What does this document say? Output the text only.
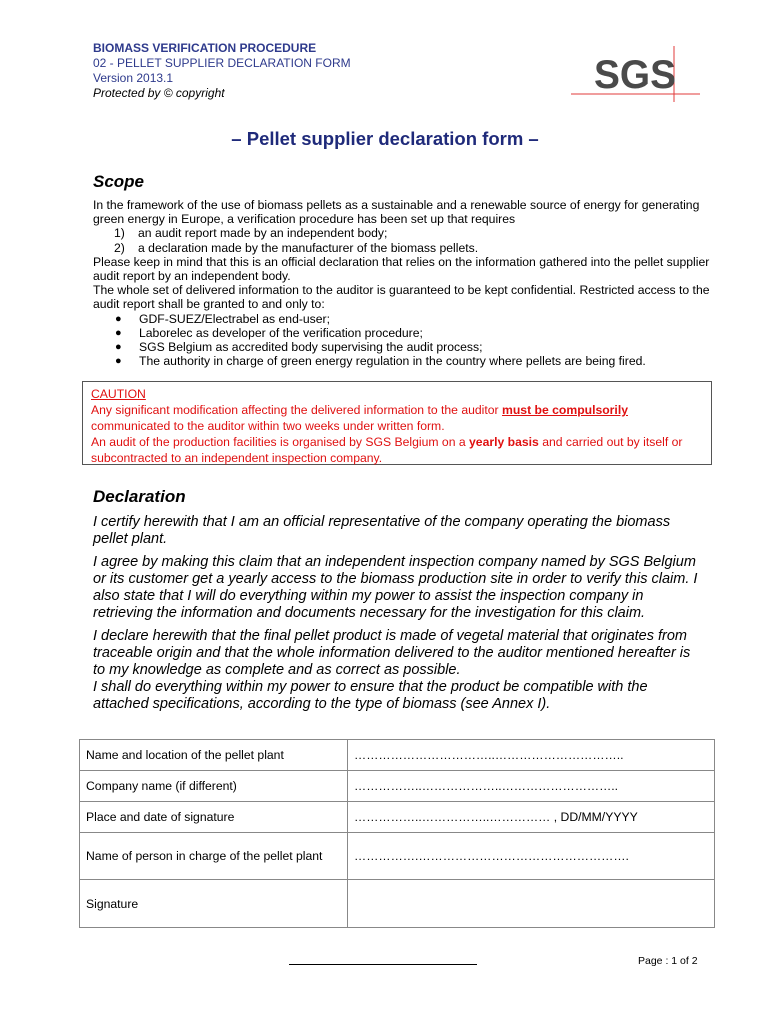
BIOMASS VERIFICATION PROCEDURE
02 - PELLET SUPPLIER DECLARATION FORM
Version 2013.1
Protected by © copyright	SGS
– Pellet supplier declaration form –
Scope

In the framework of the use of biomass pellets as a sustainable and a renewable source of energy for generating green energy in Europe, a verification procedure has been set up that requires

1)	an audit report made by an independent body;
2)	a declaration made by the manufacturer of the biomass pellets.

Please keep in mind that this is an official declaration that relies on the information gathered into the pellet supplier audit report by an independent body.

The whole set of delivered information to the auditor is guaranteed to be kept confidential. Restricted access to the audit report shall be granted to and only to:

●	GDF-SUEZ/Electrabel as end-user;
●	Laborelec as developer of the verification procedure;
●	SGS Belgium as accredited body supervising the audit process;
●	The authority in charge of green energy regulation in the country where pellets are being fired.
CAUTION
Any significant modification affecting the delivered information to the auditor must be compulsorily communicated to the auditor within two weeks under written form.
An audit of the production facilities is organised by SGS Belgium on a yearly basis and carried out by itself or subcontracted to an independent inspection company.
Declaration

I certify herewith that I am an official representative of the company operating the biomass pellet plant.

I agree by making this claim that an independent inspection company named by SGS Belgium or its customer get a yearly access to the biomass production site in order to verify this claim. I also state that I will do everything within my power to assist the inspection company in retrieving the information and documents necessary for the investigation for this claim.

I declare herewith that the final pellet product is made of vegetal material that originates from traceable origin and that the whole information delivered to the auditor mentioned hereafter is to my knowledge as complete and as correct as possible.

I shall do everything within my power to ensure that the product be compatible with the attached specifications, according to the type of biomass (see Annex I).

Name and location of the pellet plant	……………………………..…………………………..
Company name (if different)	……………..………………..………………………..
Place and date of signature	……………..……………..…………… , DD/MM/YYYY
Name of person in charge of the pellet plant	…………….…………………………………………….
Signature	
Page : 1 of 2
